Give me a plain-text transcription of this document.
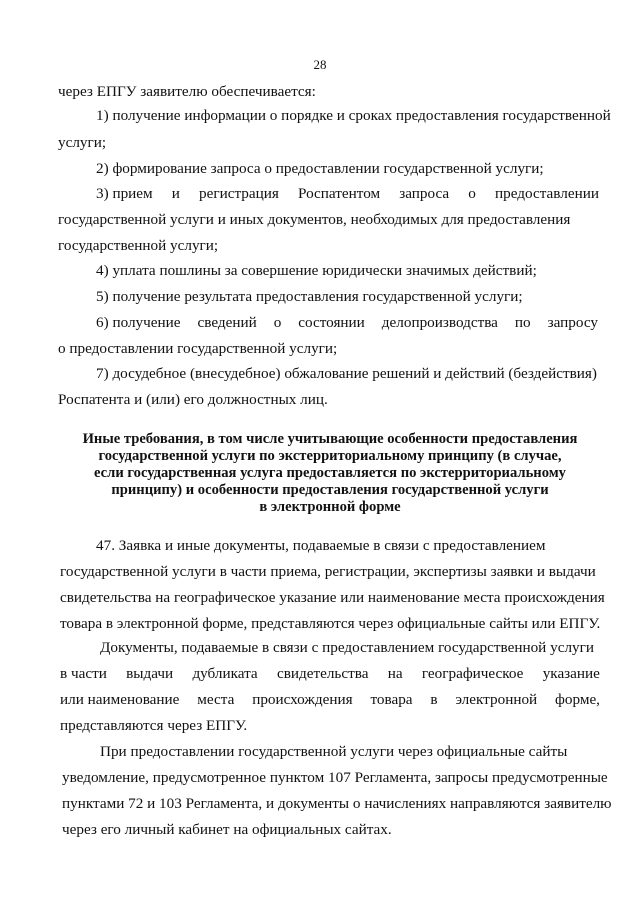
28
через ЕПГУ заявителю обеспечивается:
1) получение информации о порядке и сроках предоставления государственной
услуги;
2) формирование запроса о предоставлении государственной услуги;
3) прием и регистрация Роспатентом запроса о предоставлении
государственной услуги и иных документов, необходимых для предоставления
государственной услуги;
4) уплата пошлины за совершение юридически значимых действий;
5) получение результата предоставления государственной услуги;
6) получение сведений о состоянии делопроизводства по запросу
о предоставлении государственной услуги;
7) досудебное (внесудебное) обжалование решений и действий (бездействия)
Роспатента и (или) его должностных лиц.
Иные требования, в том числе учитывающие особенности предоставления
государственной услуги по экстерриториальному принципу (в случае,
если государственная услуга предоставляется по экстерриториальному
принципу) и особенности предоставления государственной услуги
в электронной форме
47. Заявка и иные документы, подаваемые в связи с предоставлением
государственной услуги в части приема, регистрации, экспертизы заявки и выдачи
свидетельства на географическое указание или наименование места происхождения
товара в электронной форме, представляются через официальные сайты или ЕПГУ.
Документы, подаваемые в связи с предоставлением государственной услуги
в части выдачи дубликата свидетельства на географическое указание
или наименование места происхождения товара в электронной форме,
представляются через ЕПГУ.
При предоставлении государственной услуги через официальные сайты
уведомление, предусмотренное пунктом 107 Регламента, запросы предусмотренные
пунктами 72 и 103 Регламента, и документы о начислениях направляются заявителю
через его личный кабинет на официальных сайтах.
